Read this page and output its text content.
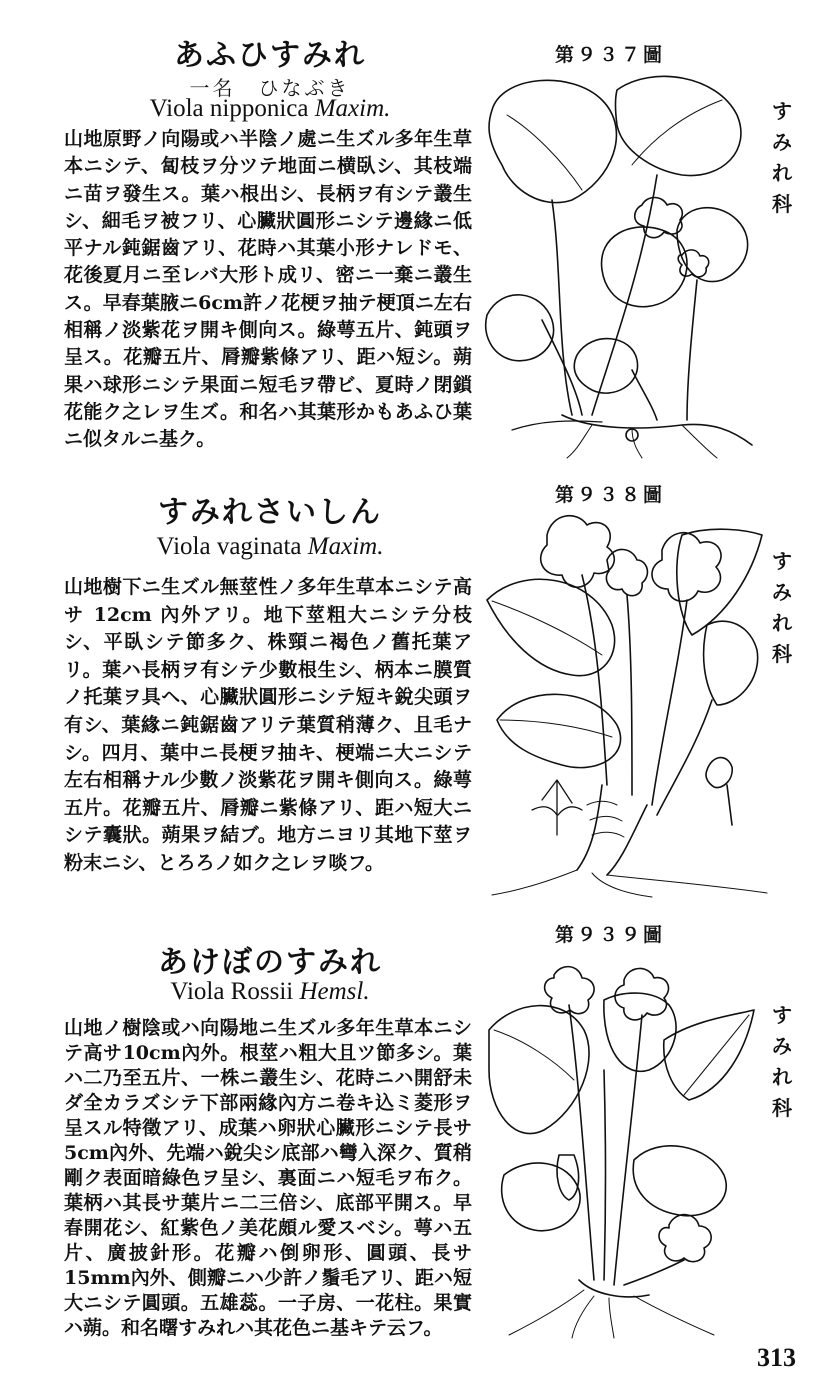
あふひすみれ
一名　ひなぶき
Viola nipponica Maxim.

山地原野ノ向陽或ハ半陰ノ處ニ生ズル多年生草本ニシテ、匐枝ヲ分ツテ地面ニ横臥シ、其枝端ニ苗ヲ發生ス。葉ハ根出シ、長柄ヲ有シテ叢生シ、細毛ヲ被フリ、心臟狀圓形ニシテ邊緣ニ低平ナル鈍鋸齒アリ、花時ハ其葉小形ナレドモ、花後夏月ニ至レバ大形ト成リ、密ニ一棄ニ叢生ス。早春葉腋ニ6cm許ノ花梗ヲ抽テ梗頂ニ左右相稱ノ淡紫花ヲ開キ側向ス。綠萼五片、鈍頭ヲ呈ス。花瓣五片、脣瓣紫條アリ、距ハ短シ。蒴果ハ球形ニシテ果面ニ短毛ヲ帶ビ、夏時ノ閉鎖花能ク之レヲ生ズ。和名ハ其葉形かもあふひ葉ニ似タルニ基ク。

第９３７圖
す
み
れ
科
すみれさいしん
Viola vaginata Maxim.

山地樹下ニ生ズル無莖性ノ多年生草本ニシテ高サ 12cm 內外アリ。地下莖粗大ニシテ分枝シ、平臥シテ節多ク、株頸ニ褐色ノ舊托葉アリ。葉ハ長柄ヲ有シテ少數根生シ、柄本ニ膜質ノ托葉ヲ具ヘ、心臟狀圓形ニシテ短キ銳尖頭ヲ有シ、葉緣ニ鈍鋸齒アリテ葉質稍薄ク、且毛ナシ。四月、葉中ニ長梗ヲ抽キ、梗端ニ大ニシテ左右相稱ナル少數ノ淡紫花ヲ開キ側向ス。綠萼五片。花瓣五片、脣瓣ニ紫條アリ、距ハ短大ニシテ囊狀。蒴果ヲ結ブ。地方ニヨリ其地下莖ヲ粉末ニシ、とろろノ如ク之レヲ啖フ。

第９３８圖
す
み
れ
科
あけぼのすみれ
Viola Rossii Hemsl.

山地ノ樹陰或ハ向陽地ニ生ズル多年生草本ニシテ高サ10cm內外。根莖ハ粗大且ツ節多シ。葉ハ二乃至五片、一株ニ叢生シ、花時ニハ開舒未ダ全カラズシテ下部兩緣內方ニ卷キ込ミ菱形ヲ呈スル特徵アリ、成葉ハ卵狀心臟形ニシテ長サ5cm內外、先端ハ銳尖シ底部ハ彎入深ク、質稍剛ク表面暗綠色ヲ呈シ、裏面ニハ短毛ヲ布ク。葉柄ハ其長サ葉片ニ二三倍シ、底部平開ス。早春開花シ、紅紫色ノ美花頗ル愛スベシ。萼ハ五片、廣披針形。花瓣ハ倒卵形、圓頭、長サ15mm內外、側瓣ニハ少許ノ鬚毛アリ、距ハ短大ニシテ圓頭。五雄蕊。一子房、一花柱。果實ハ蒴。和名曙すみれハ其花色ニ基キテ云フ。

第９３９圖
す
み
れ
科
313
